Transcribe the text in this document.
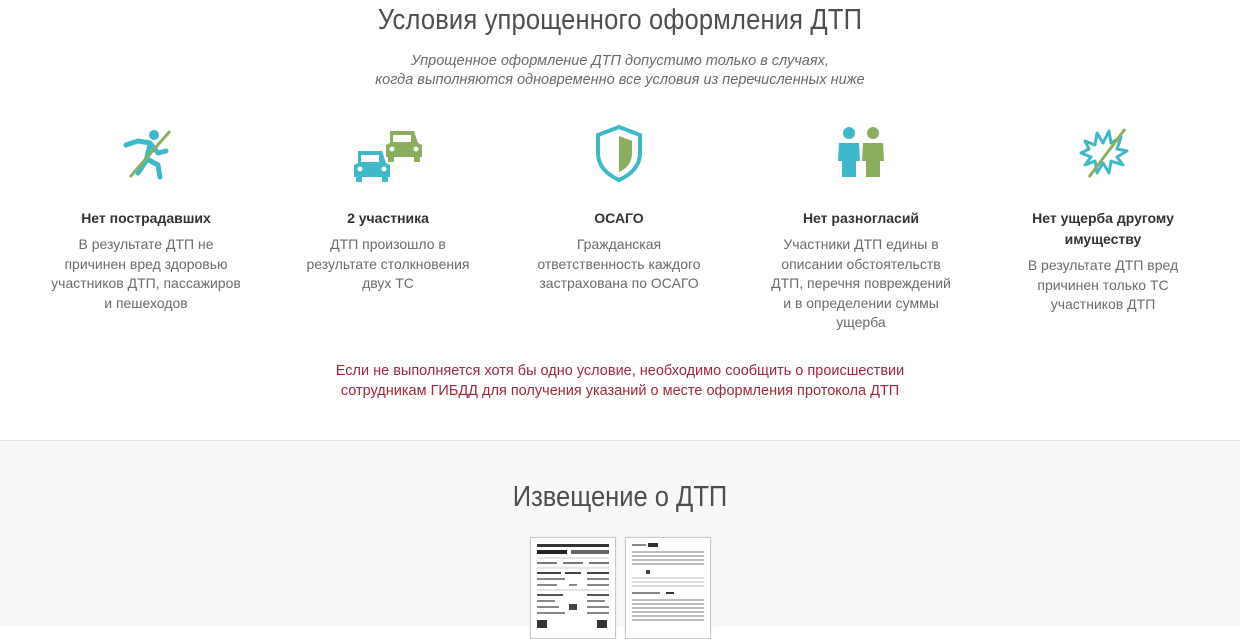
Условия упрощенного оформления ДТП
Упрощенное оформление ДТП допустимо только в случаях,
когда выполняются одновременно все условия из перечисленных ниже
Нет пострадавших
В результате ДТП не
причинен вред здоровью
участников ДТП, пассажиров
и пешеходов
2 участника
ДТП произошло в
результате столкновения
двух ТС
ОСАГО
Гражданская
ответственность каждого
застрахована по ОСАГО
Нет разногласий
Участники ДТП едины в
описании обстоятельств
ДТП, перечня повреждений
и в определении суммы
ущерба
Нет ущерба другому
имуществу
В результате ДТП вред
причинен только ТС
участников ДТП
Если не выполняется хотя бы одно условие, необходимо сообщить о происшествии
сотрудникам ГИБДД для получения указаний о месте оформления протокола ДТП
Извещение о ДТП
